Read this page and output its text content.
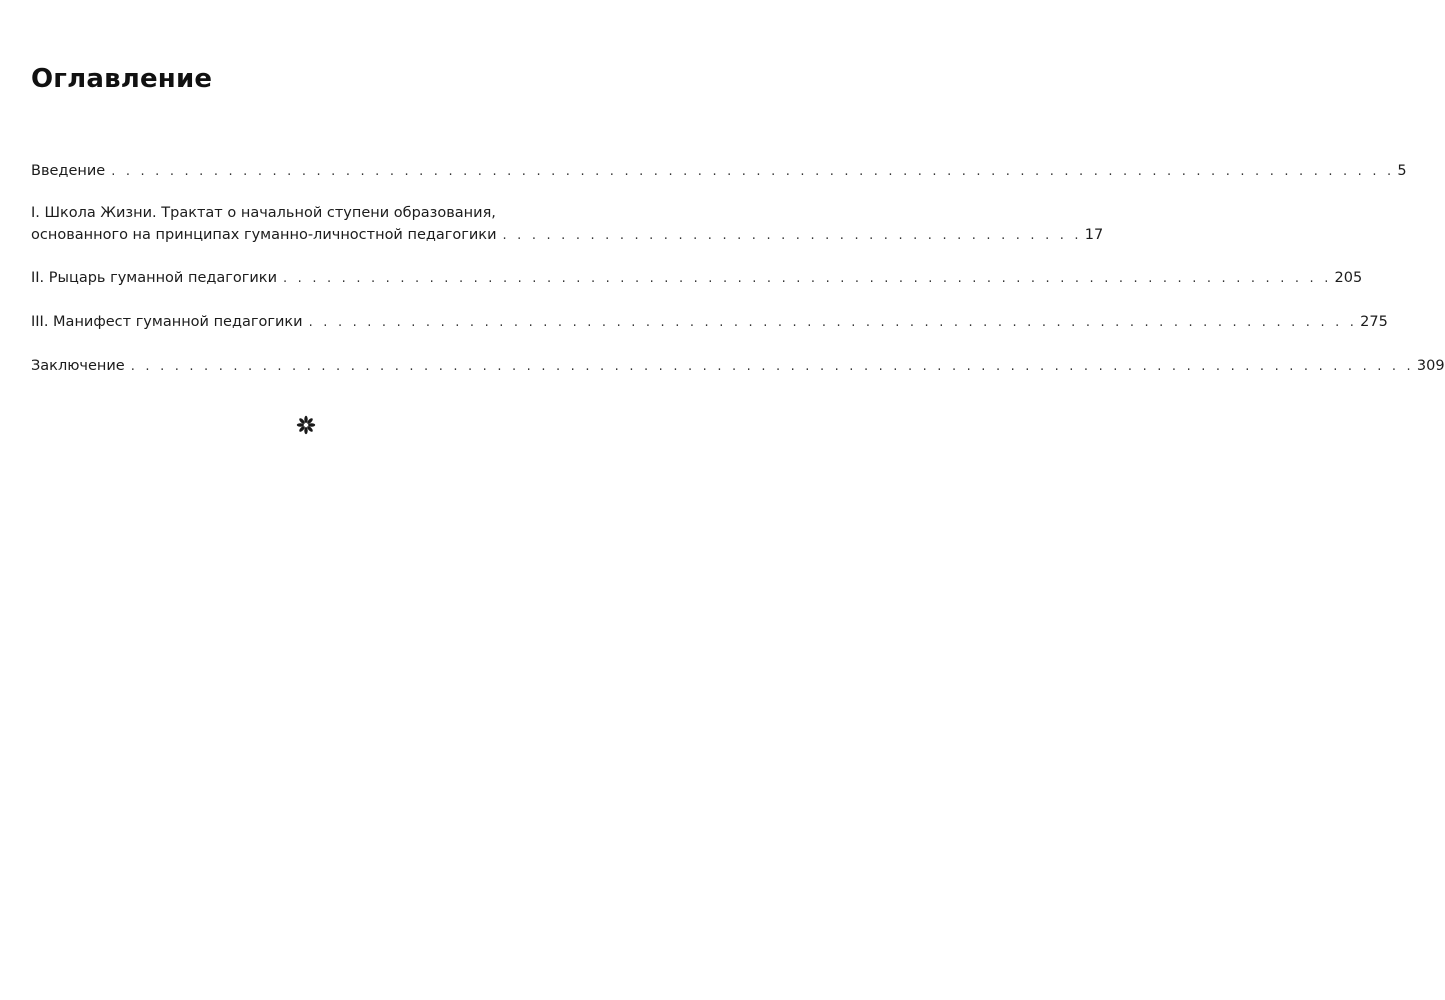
Оглавление
Введение . . . . . . . . . . . . . . . . . . . . . . . . . . . . . . . . . . . . . . . . . . . . . . . . . . . . . . . . . . . . . . . . . . . . . . . . . . . . . . . . . . . . . . . . 5
I. Школа Жизни. Трактат о начальной ступени образования,
основанного на принципах гуманно-личностной педагогики . . . . . . . . . . . . . . . . . . . . . . . . . . . . . . . . . . . . . . . . 17
II. Рыцарь гуманной педагогики . . . . . . . . . . . . . . . . . . . . . . . . . . . . . . . . . . . . . . . . . . . . . . . . . . . . . . . . . . . . . . . . . . . . . . . . 205
III. Манифест гуманной педагогики . . . . . . . . . . . . . . . . . . . . . . . . . . . . . . . . . . . . . . . . . . . . . . . . . . . . . . . . . . . . . . . . . . . . . . . . 275
Заключение . . . . . . . . . . . . . . . . . . . . . . . . . . . . . . . . . . . . . . . . . . . . . . . . . . . . . . . . . . . . . . . . . . . . . . . . . . . . . . . . . . . . . . . . 309
